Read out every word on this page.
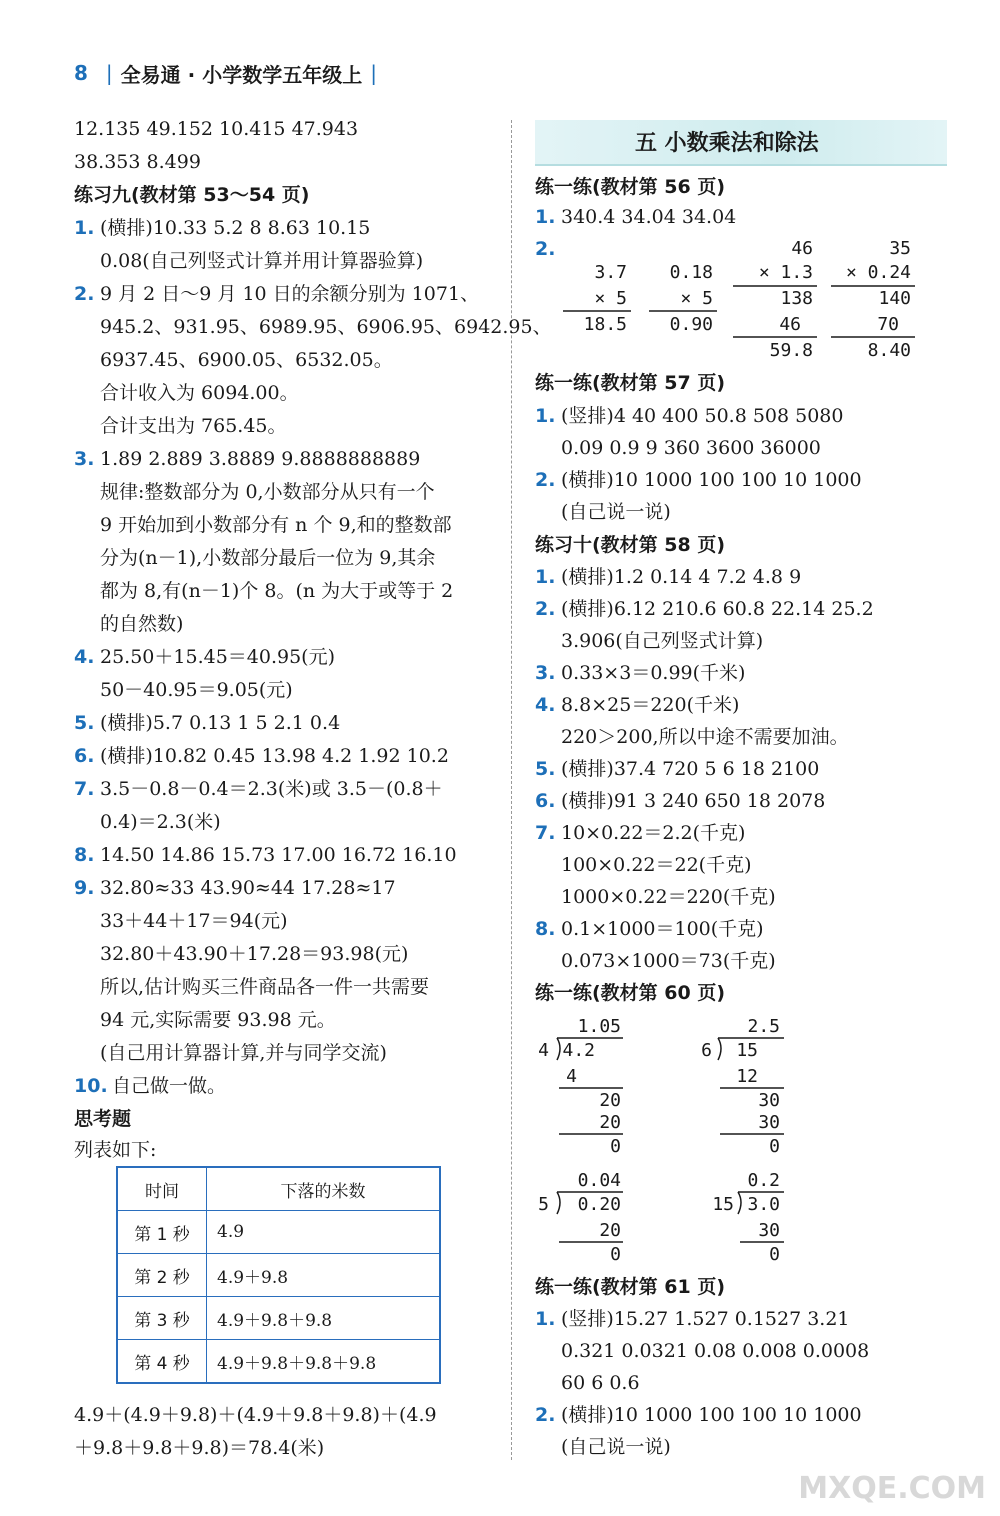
8 | 全易通 · 小学数学五年级上 |
12.135 49.152 10.415 47.943
38.353 8.499
练习九(教材第 53～54 页)
1. (横排)10.33 5.2 8 8.63 10.15
0.08(自己列竖式计算并用计算器验算)
2. 9 月 2 日～9 月 10 日的余额分别为 1071、
945.2、931.95、6989.95、6906.95、6942.95、
6937.45、6900.05、6532.05。
合计收入为 6094.00。
合计支出为 765.45。
3. 1.89 2.889 3.8889 9.8888888889
规律:整数部分为 0,小数部分从只有一个
9 开始加到小数部分有 n 个 9,和的整数部
分为(n－1),小数部分最后一位为 9,其余
都为 8,有(n－1)个 8。(n 为大于或等于 2
的自然数)
4. 25.50＋15.45＝40.95(元)
50－40.95＝9.05(元)
5. (横排)5.7 0.13 1 5 2.1 0.4
6. (横排)10.82 0.45 13.98 4.2 1.92 10.2
7. 3.5－0.8－0.4＝2.3(米)或 3.5－(0.8＋
0.4)＝2.3(米)
8. 14.50 14.86 15.73 17.00 16.72 16.10
9. 32.80≈33 43.90≈44 17.28≈17
33＋44＋17＝94(元)
32.80＋43.90＋17.28＝93.98(元)
所以,估计购买三件商品各一件一共需要
94 元,实际需要 93.98 元。
(自己用计算器计算,并与同学交流)
10. 自己做一做。
思考题
列表如下:
时间	下落的米数
第 1 秒	4.9
第 2 秒	4.9＋9.8
第 3 秒	4.9＋9.8＋9.8
第 4 秒	4.9＋9.8＋9.8＋9.8
4.9＋(4.9＋9.8)＋(4.9＋9.8＋9.8)＋(4.9
＋9.8＋9.8＋9.8)＝78.4(米)
五 小数乘法和除法
练一练(教材第 56 页)
1. 340.4 34.04 34.04
2.
3.7
× 5
18.5
0.18
× 5
0.90
46
× 1.3
138
46
59.8
35
× 0.24
140
70
8.40
练一练(教材第 57 页)
1. (竖排)4 40 400 50.8 508 5080
0.09 0.9 9 360 3600 36000
2. (横排)10 1000 100 100 10 1000
(自己说一说)
练习十(教材第 58 页)
1. (横排)1.2 0.14 4 7.2 4.8 9
2. (横排)6.12 210.6 60.8 22.14 25.2
3.906(自己列竖式计算)
3. 0.33×3＝0.99(千米)
4. 8.8×25＝220(千米)
220＞200,所以中途不需要加油。
5. (横排)37.4 720 5 6 18 2100
6. (横排)91 3 240 650 18 2078
7. 10×0.22＝2.2(千克)
100×0.22＝22(千克)
1000×0.22＝220(千克)
8. 0.1×1000＝100(千克)
0.073×1000＝73(千克)
练一练(教材第 60 页)
1.05
4 4.2
4
20
20
0
0.04
5 0.20
20
0
2.5
6 15
12
30
30
0
0.2
15 3.0
30
0
练一练(教材第 61 页)
1. (竖排)15.27 1.527 0.1527 3.21
0.321 0.0321 0.08 0.008 0.0008
60 6 0.6
2. (横排)10 1000 100 100 10 1000
(自己说一说)
MXQE.COM
